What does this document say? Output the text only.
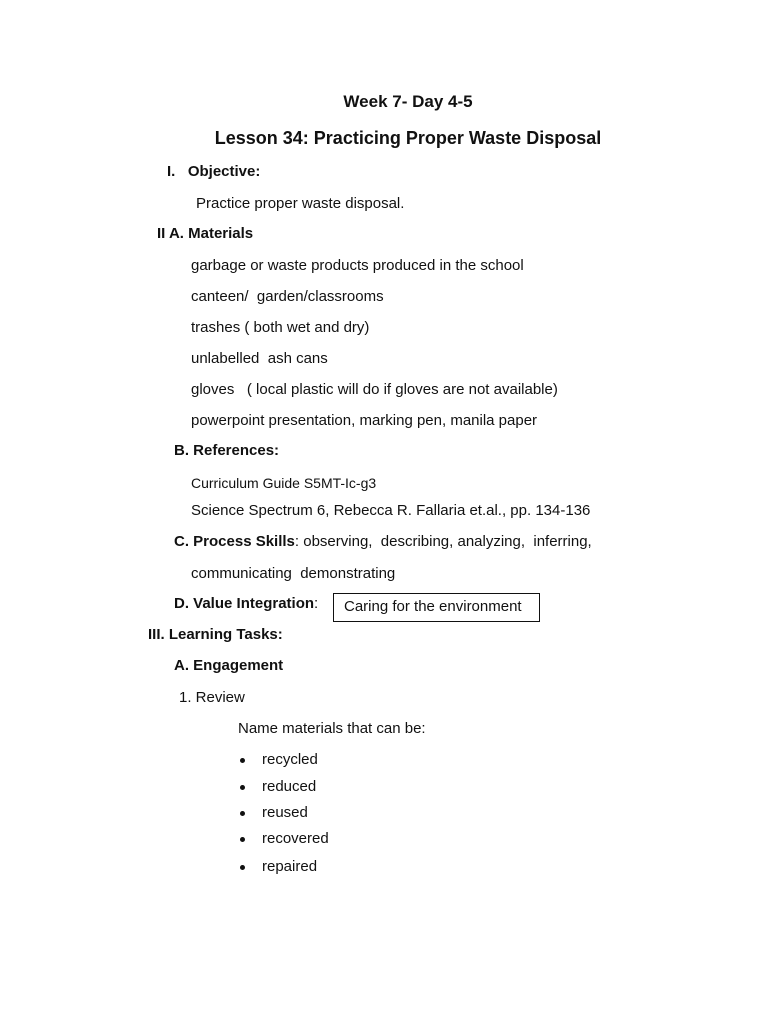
Week 7- Day 4-5
Lesson 34: Practicing Proper Waste Disposal
I.   Objective:
Practice proper waste disposal.
II A. Materials
garbage or waste products produced in the school
canteen/  garden/classrooms
trashes ( both wet and dry)
unlabelled  ash cans
gloves   ( local plastic will do if gloves are not available)
powerpoint presentation, marking pen, manila paper
B. References:
Curriculum Guide S5MT-Ic-g3
Science Spectrum 6, Rebecca R. Fallaria et.al., pp. 134-136
C. Process Skills: observing,  describing, analyzing,  inferring,
communicating  demonstrating
D. Value Integration:	Caring for the environment
III. Learning Tasks:
A. Engagement
1. Review
Name materials that can be:
recycled
reduced
reused
recovered
repaired
